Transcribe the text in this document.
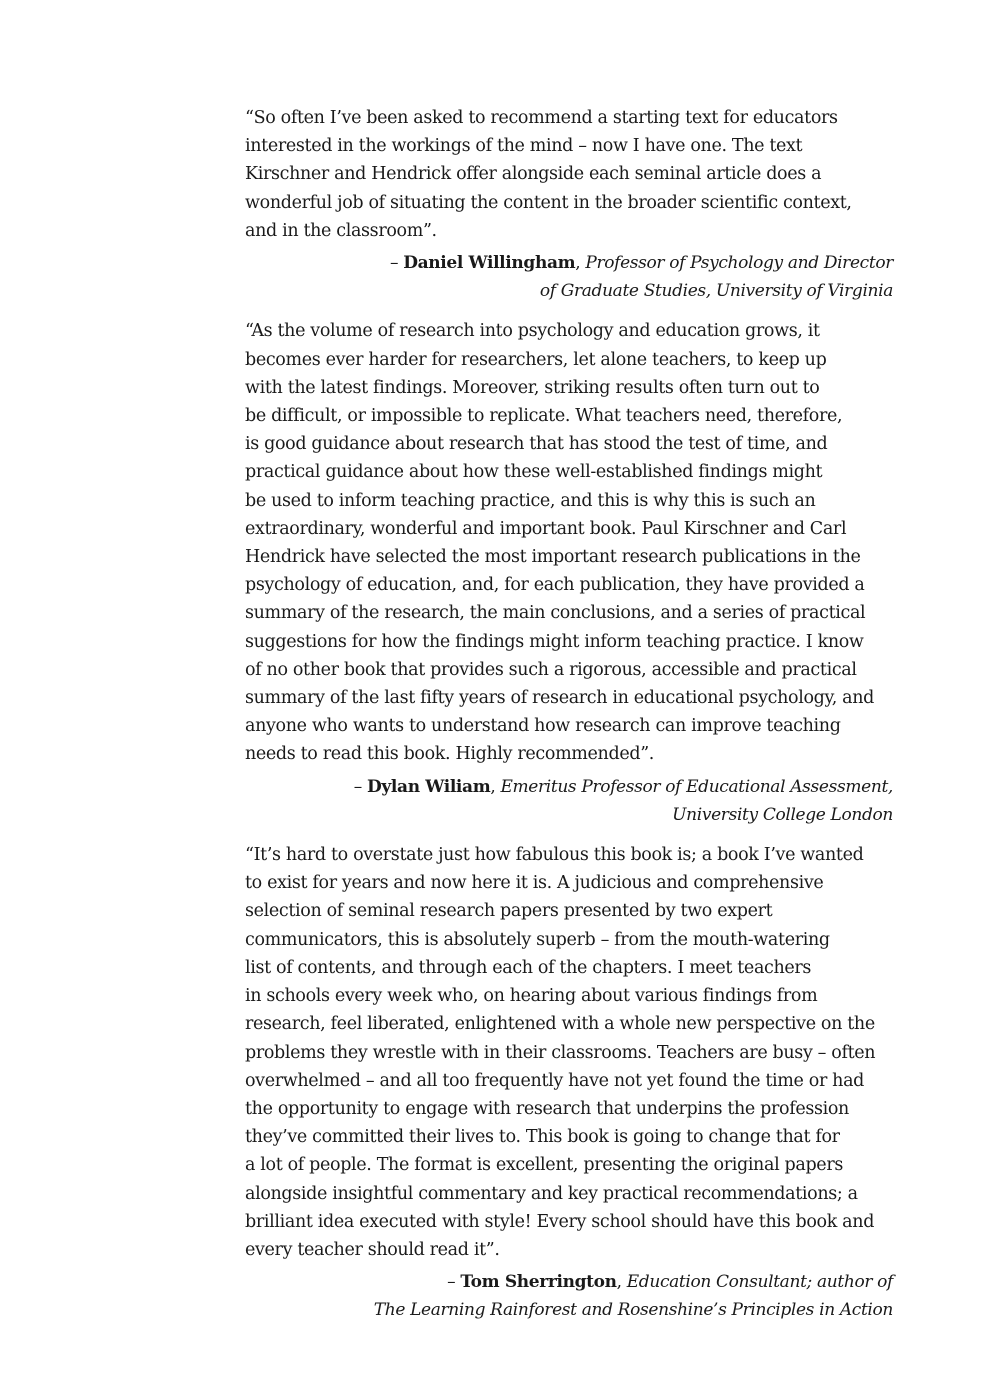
“So often I’ve been asked to recommend a starting text for educators
interested in the workings of the mind – now I have one. The text
Kirschner and Hendrick offer alongside each seminal article does a
wonderful job of situating the content in the broader scientific context,
and in the classroom”.

– Daniel Willingham, Professor of Psychology and Director
of Graduate Studies, University of Virginia

“As the volume of research into psychology and education grows, it
becomes ever harder for researchers, let alone teachers, to keep up
with the latest findings. Moreover, striking results often turn out to
be difficult, or impossible to replicate. What teachers need, therefore,
is good guidance about research that has stood the test of time, and
practical guidance about how these well-established findings might
be used to inform teaching practice, and this is why this is such an
extraordinary, wonderful and important book. Paul Kirschner and Carl
Hendrick have selected the most important research publications in the
psychology of education, and, for each publication, they have provided a
summary of the research, the main conclusions, and a series of practical
suggestions for how the findings might inform teaching practice. I know
of no other book that provides such a rigorous, accessible and practical
summary of the last fifty years of research in educational psychology, and
anyone who wants to understand how research can improve teaching
needs to read this book. Highly recommended”.

– Dylan Wiliam, Emeritus Professor of Educational Assessment,
University College London

“It’s hard to overstate just how fabulous this book is; a book I’ve wanted
to exist for years and now here it is. A judicious and comprehensive
selection of seminal research papers presented by two expert
communicators, this is absolutely superb – from the mouth-watering
list of contents, and through each of the chapters. I meet teachers
in schools every week who, on hearing about various findings from
research, feel liberated, enlightened with a whole new perspective on the
problems they wrestle with in their classrooms. Teachers are busy – often
overwhelmed – and all too frequently have not yet found the time or had
the opportunity to engage with research that underpins the profession
they’ve committed their lives to. This book is going to change that for
a lot of people. The format is excellent, presenting the original papers
alongside insightful commentary and key practical recommendations; a
brilliant idea executed with style! Every school should have this book and
every teacher should read it”.

– Tom Sherrington, Education Consultant; author of
The Learning Rainforest and Rosenshine’s Principles in Action
